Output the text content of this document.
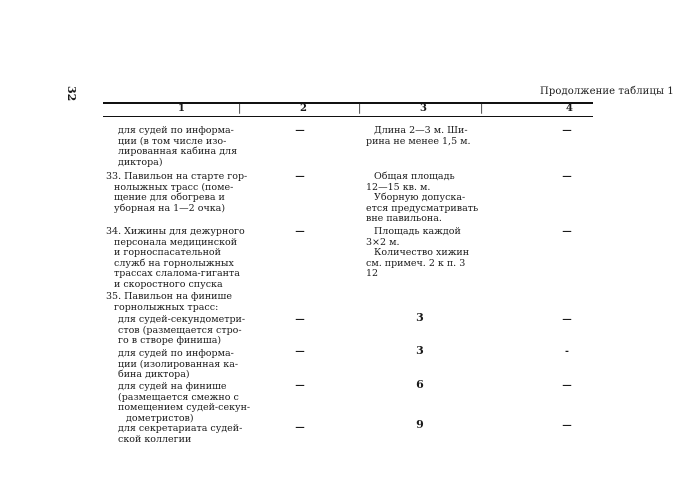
32	Продолжение таблицы 1
1	|	2	|	3	|	4
для судей по информа-
ции (в том числе изо-
лированная кабина для
диктора)
—	Длина 2—3 м. Ши-
рина не менее 1,5 м.
—
33. Павильон на старте гор-
нолыжных трасс (поме-
щение для обогрева и
уборная на 1—2 очка)
—	Общая площадь
12—15 кв. м.
Уборную допуска-
ется предусматривать
вне павильона.
—
34. Хижины для дежурного
персонала медицинской
и горноспасательной
служб на горнолыжных
трассах слалома-гиганта
и скоростного спуска
—	Площадь каждой
3×2 м.
Количество хижин
см. примеч. 2 к п. 3
12
—
35. Павильон на финише
горнолыжных трасс:
для судей-секундометри-
стов (размещается стро-
го в створе финиша)
—	3	—
для судей по информа-
ции (изолированная ка-
бина диктора)
—	3	-
для судей на финише
(размещается смежно с
помещением судей-секун-
дометристов)
—	6	—
для секретариата судей-
ской коллегии
—	9	—
